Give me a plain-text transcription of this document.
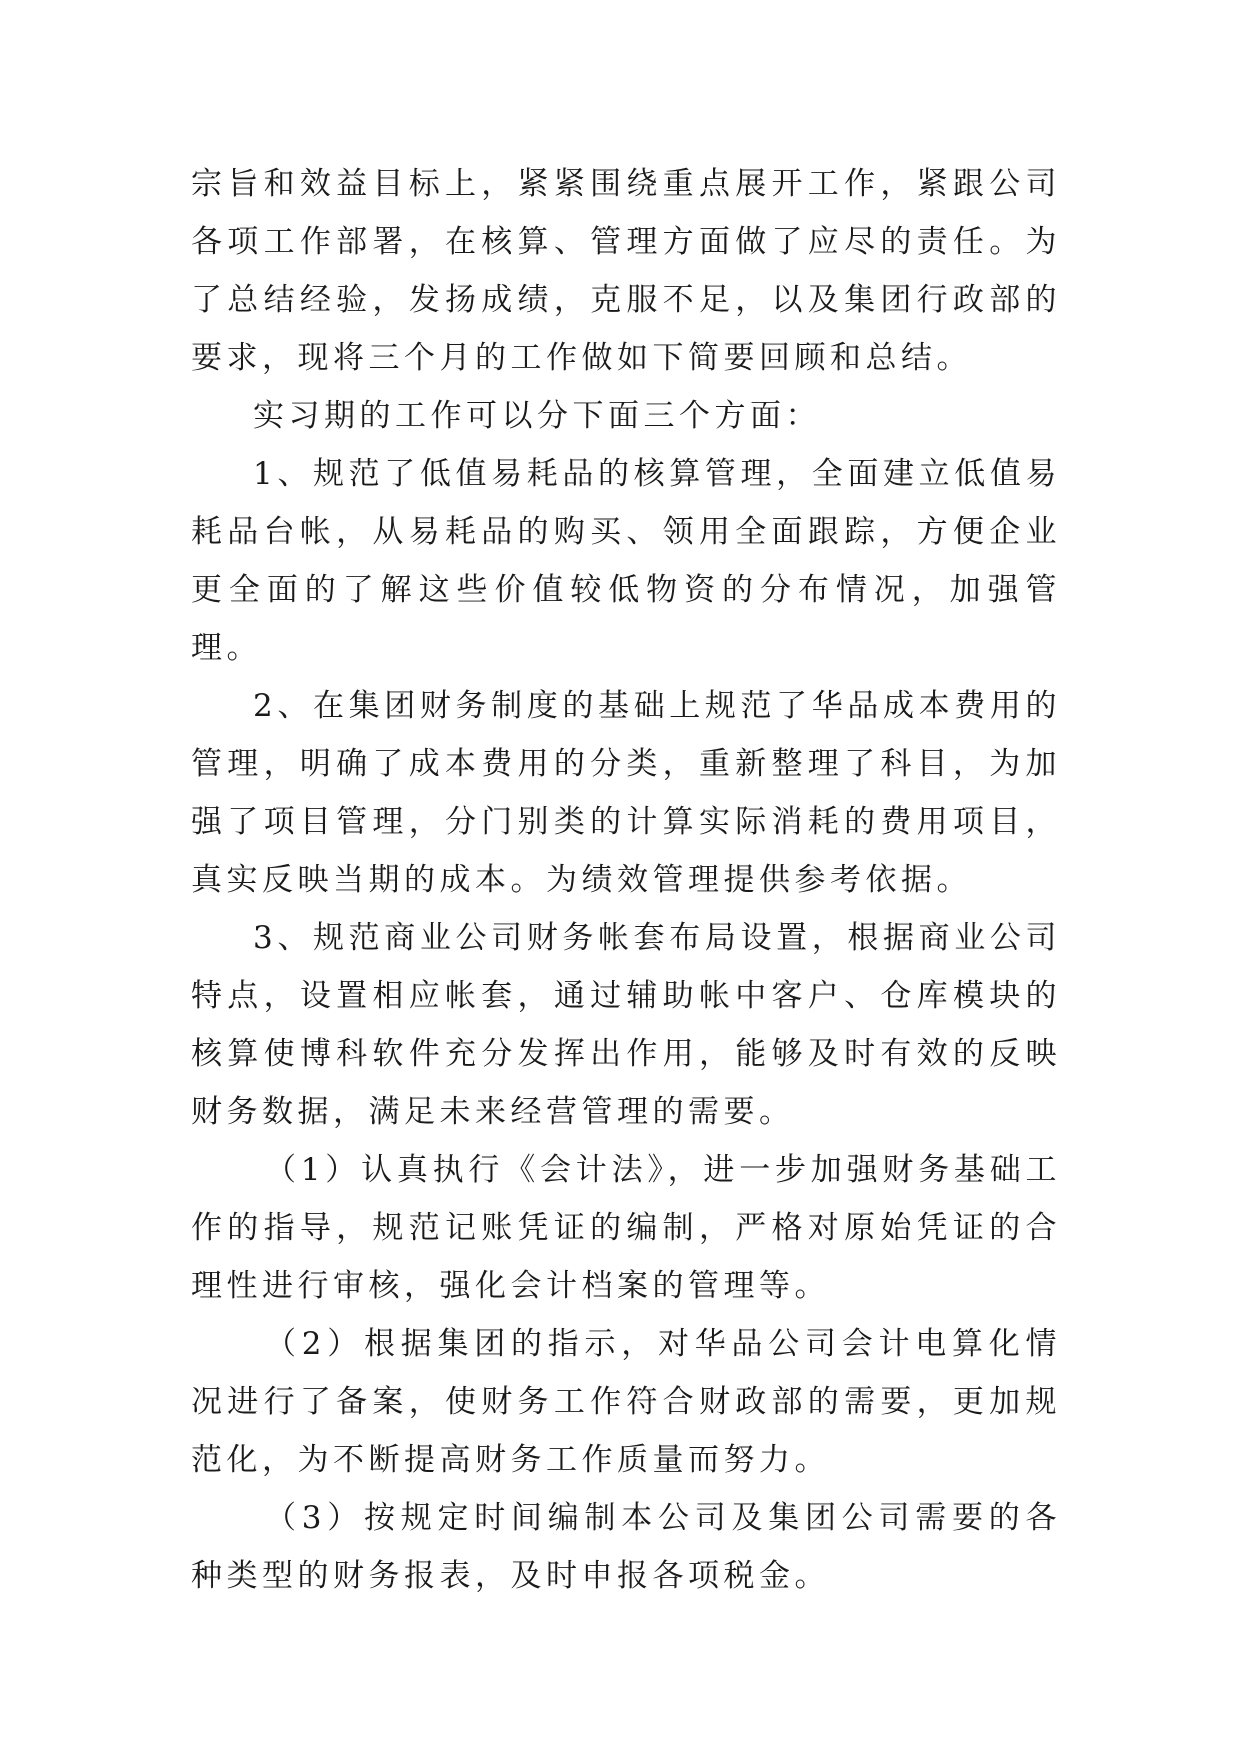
宗旨和效益目标上，紧紧围绕重点展开工作，紧跟公司各项工作部署，在核算、管理方面做了应尽的责任。为了总结经验，发扬成绩，克服不足，以及集团行政部的要求，现将三个月的工作做如下简要回顾和总结。

实习期的工作可以分下面三个方面：

1、规范了低值易耗品的核算管理，全面建立低值易耗品台帐，从易耗品的购买、领用全面跟踪，方便企业更全面的了解这些价值较低物资的分布情况，加强管理。

2、在集团财务制度的基础上规范了华品成本费用的管理，明确了成本费用的分类，重新整理了科目，为加强了项目管理，分门别类的计算实际消耗的费用项目，真实反映当期的成本。为绩效管理提供参考依据。

3、规范商业公司财务帐套布局设置，根据商业公司特点，设置相应帐套，通过辅助帐中客户、仓库模块的核算使博科软件充分发挥出作用，能够及时有效的反映财务数据，满足未来经营管理的需要。

（1）认真执行《会计法》，进一步加强财务基础工作的指导，规范记账凭证的编制，严格对原始凭证的合理性进行审核，强化会计档案的管理等。

（2）根据集团的指示，对华品公司会计电算化情况进行了备案，使财务工作符合财政部的需要，更加规范化，为不断提高财务工作质量而努力。

（3）按规定时间编制本公司及集团公司需要的各种类型的财务报表，及时申报各项税金。
